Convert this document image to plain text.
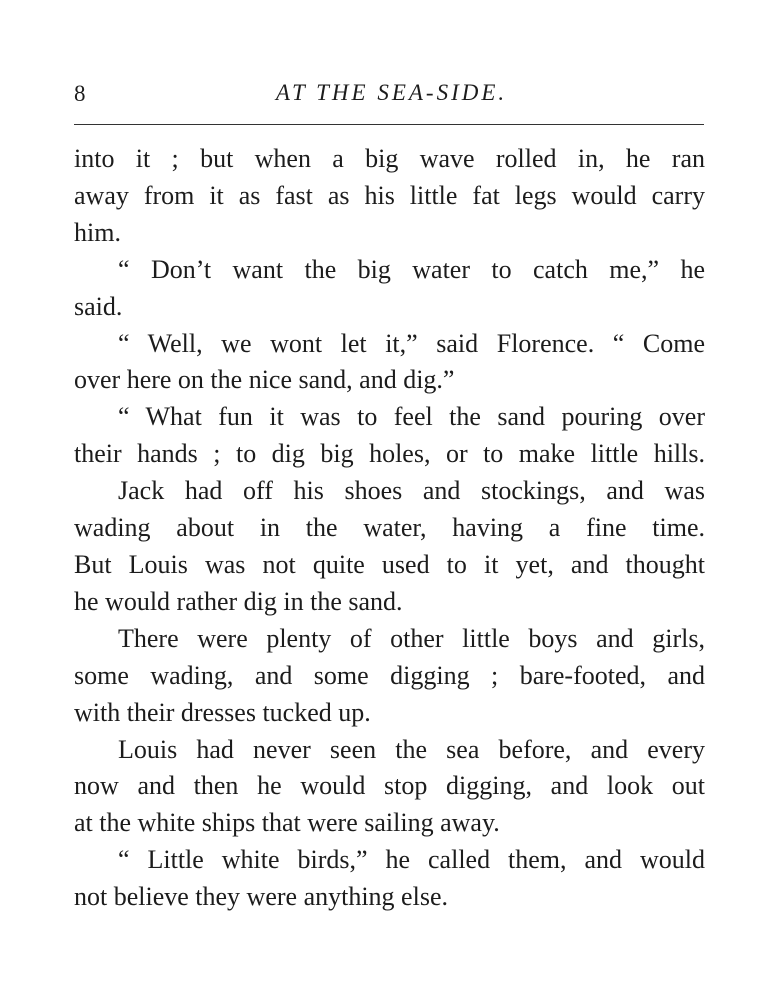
8	AT THE SEA-SIDE.
into it ; but when a big wave rolled in, he ran
away from it as fast as his little fat legs would carry
him.
“ Don’t want the big water to catch me,” he
said.
“ Well, we wont let it,” said Florence. “ Come
over here on the nice sand, and dig.”
“ What fun it was to feel the sand pouring over
their hands ; to dig big holes, or to make little hills.
Jack had off his shoes and stockings, and was
wading about in the water, having a fine time.
But Louis was not quite used to it yet, and thought
he would rather dig in the sand.
There were plenty of other little boys and girls,
some wading, and some digging ; bare-footed, and
with their dresses tucked up.
Louis had never seen the sea before, and every
now and then he would stop digging, and look out
at the white ships that were sailing away.
“ Little white birds,” he called them, and would
not believe they were anything else.
